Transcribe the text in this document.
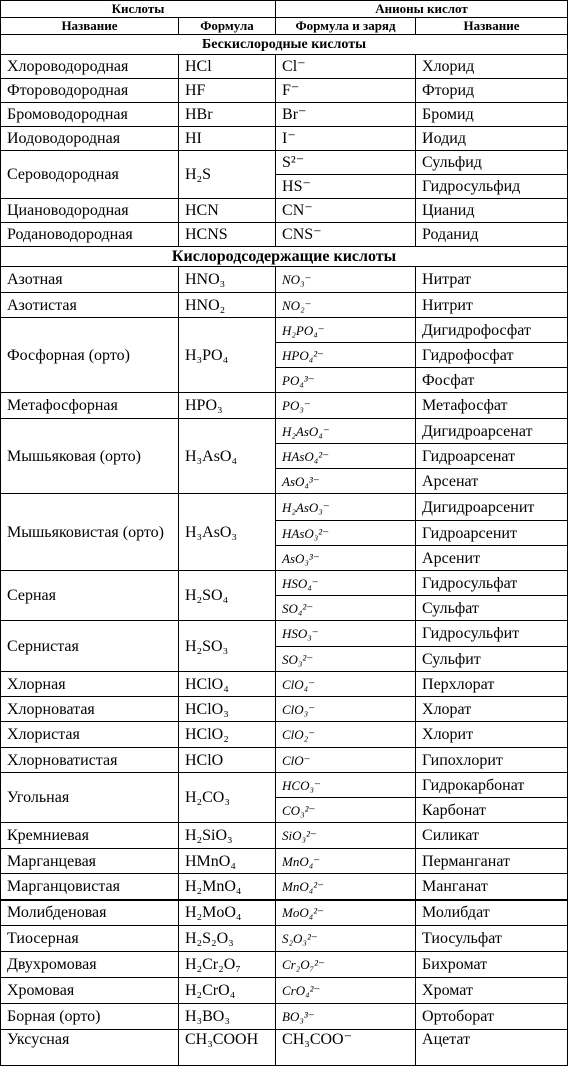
Кислоты		Анионы кислот	
Название	Формула	Формула и заряд	Название
Бескислородные кислоты			
Хлороводородная	HCl	Cl⁻	Хлорид
Фтороводородная	HF	F⁻	Фторид
Бромоводородная	HBr	Br⁻	Бромид
Иодоводородная	HI	I⁻	Иодид
Сероводородная	H₂S	S²⁻	Сульфид
		HS⁻	Гидросульфид
Циановодородная	HCN	CN⁻	Цианид
Родановодородная	HCNS	CNS⁻	Роданид
Кислородсодержащие кислоты			
Азотная	HNO₃	NO₃⁻	Нитрат
Азотистая	HNO₂	NO₂⁻	Нитрит
Фосфорная (орто)	H₃PO₄	H₂PO₄⁻	Дигидрофосфат
		HPO₄²⁻	Гидрофосфат
		PO₄³⁻	Фосфат
Метафосфорная	HPO₃	PO₃⁻	Метафосфат
Мышьяковая (орто)	H₃AsO₄	H₂AsO₄⁻	Дигидроарсенат
		HAsO₄²⁻	Гидроарсенат
		AsO₄³⁻	Арсенат
Мышьяковистая (орто)	H₃AsO₃	H₂AsO₃⁻	Дигидроарсенит
		HAsO₃²⁻	Гидроарсенит
		AsO₃³⁻	Арсенит
Серная	H₂SO₄	HSO₄⁻	Гидросульфат
		SO₄²⁻	Сульфат
Сернистая	H₂SO₃	HSO₃⁻	Гидросульфит
		SO₃²⁻	Сульфит
Хлорная	HClO₄	ClO₄⁻	Перхлорат
Хлорноватая	HClO₃	ClO₃⁻	Хлорат
Хлористая	HClO₂	ClO₂⁻	Хлорит
Хлорноватистая	HClO	ClO⁻	Гипохлорит
Угольная	H₂CO₃	HCO₃⁻	Гидрокарбонат
		CO₃²⁻	Карбонат
Кремниевая	H₂SiO₃	SiO₃²⁻	Силикат
Марганцевая	HMnO₄	MnO₄⁻	Перманганат
Марганцовистая	H₂MnO₄	MnO₄²⁻	Манганат
Молибденовая	H₂MoO₄	MoO₄²⁻	Молибдат
Тиосерная	H₂S₂O₃	S₂O₃²⁻	Тиосульфат
Двухромовая	H₂Cr₂O₇	Cr₂O₇²⁻	Бихромат
Хромовая	H₂CrO₄	CrO₄²⁻	Хромат
Борная (орто)	H₃BO₃	BO₃³⁻	Ортоборат
Уксусная	CH₃COOH	CH₃COO⁻	Ацетат
